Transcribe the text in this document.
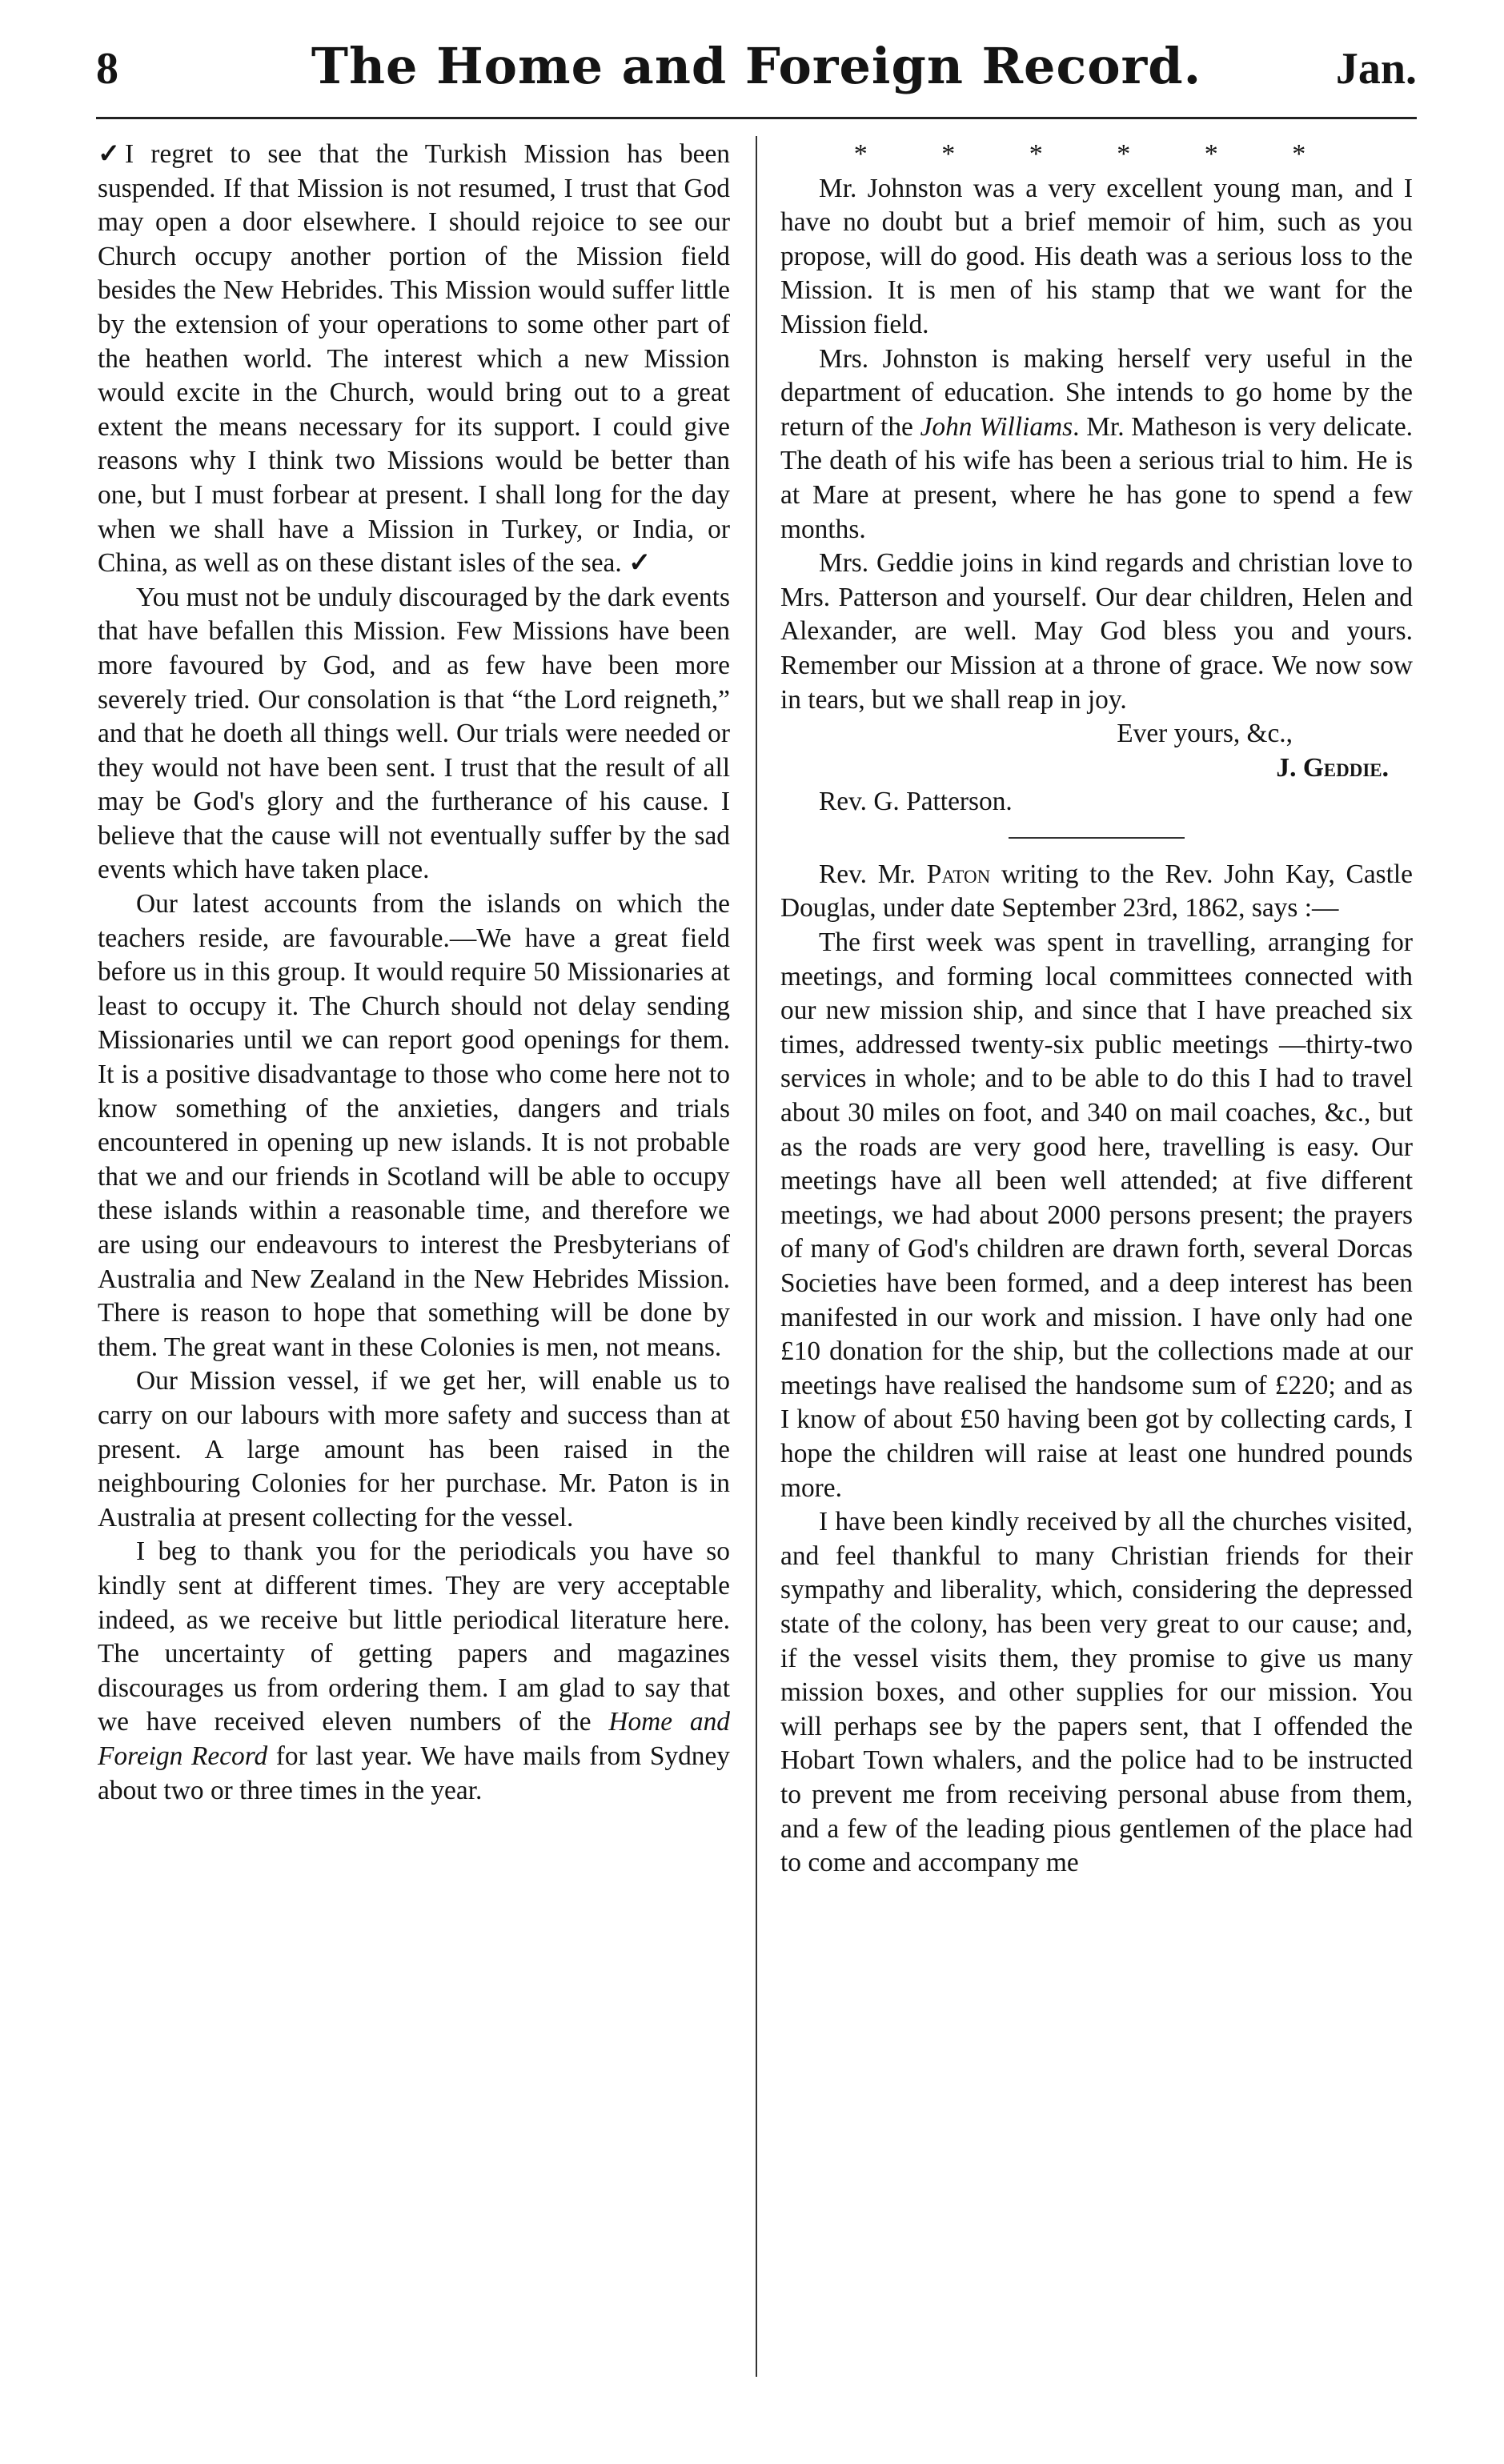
8	The Home and Foreign Record.	Jan.

✓ I regret to see that the Turkish Mission has been suspended. If that Mission is not resumed, I trust that God may open a door elsewhere. I should rejoice to see our Church occupy another portion of the Mission field besides the New Hebrides. This Mission would suffer little by the extension of your operations to some other part of the heathen world. The interest which a new Mission would excite in the Church, would bring out to a great extent the means necessary for its support. I could give reasons why I think two Missions would be better than one, but I must forbear at present. I shall long for the day when we shall have a Mission in Turkey, or India, or China, as well as on these distant isles of the sea. ✓

You must not be unduly discouraged by the dark events that have befallen this Mission. Few Missions have been more favoured by God, and as few have been more severely tried. Our consolation is that “the Lord reigneth,” and that he doeth all things well. Our trials were needed or they would not have been sent. I trust that the result of all may be God's glory and the furtherance of his cause. I believe that the cause will not eventually suffer by the sad events which have taken place.

Our latest accounts from the islands on which the teachers reside, are favourable.—We have a great field before us in this group. It would require 50 Missionaries at least to occupy it. The Church should not delay sending Missionaries until we can report good openings for them. It is a positive disadvantage to those who come here not to know something of the anxieties, dangers and trials encountered in opening up new islands. It is not probable that we and our friends in Scotland will be able to occupy these islands within a reasonable time, and therefore we are using our endeavours to interest the Presbyterians of Australia and New Zealand in the New Hebrides Mission. There is reason to hope that something will be done by them. The great want in these Colonies is men, not means.

Our Mission vessel, if we get her, will enable us to carry on our labours with more safety and success than at present. A large amount has been raised in the neighbouring Colonies for her purchase. Mr. Paton is in Australia at present collecting for the vessel.

I beg to thank you for the periodicals you have so kindly sent at different times. They are very acceptable indeed, as we receive but little periodical literature here. The uncertainty of getting papers and magazines discourages us from ordering them. I am glad to say that we have received eleven numbers of the Home and Foreign Record for last year. We have mails from Sydney about two or three times in the year.

* * * * * *

Mr. Johnston was a very excellent young man, and I have no doubt but a brief memoir of him, such as you propose, will do good. His death was a serious loss to the Mission. It is men of his stamp that we want for the Mission field.

Mrs. Johnston is making herself very useful in the department of education. She intends to go home by the return of the John Williams. Mr. Matheson is very delicate. The death of his wife has been a serious trial to him. He is at Mare at present, where he has gone to spend a few months.

Mrs. Geddie joins in kind regards and christian love to Mrs. Patterson and yourself. Our dear children, Helen and Alexander, are well. May God bless you and yours. Remember our Mission at a throne of grace. We now sow in tears, but we shall reap in joy.

Ever yours, &c.,

J. Geddie.

Rev. G. Patterson.

Rev. Mr. Paton writing to the Rev. John Kay, Castle Douglas, under date September 23rd, 1862, says :—

The first week was spent in travelling, arranging for meetings, and forming local committees connected with our new mission ship, and since that I have preached six times, addressed twenty-six public meetings —thirty-two services in whole; and to be able to do this I had to travel about 30 miles on foot, and 340 on mail coaches, &c., but as the roads are very good here, travelling is easy. Our meetings have all been well attended; at five different meetings, we had about 2000 persons present; the prayers of many of God's children are drawn forth, several Dorcas Societies have been formed, and a deep interest has been manifested in our work and mission. I have only had one £10 donation for the ship, but the collections made at our meetings have realised the handsome sum of £220; and as I know of about £50 having been got by collecting cards, I hope the children will raise at least one hundred pounds more.

I have been kindly received by all the churches visited, and feel thankful to many Christian friends for their sympathy and liberality, which, considering the depressed state of the colony, has been very great to our cause; and, if the vessel visits them, they promise to give us many mission boxes, and other supplies for our mission. You will perhaps see by the papers sent, that I offended the Hobart Town whalers, and the police had to be instructed to prevent me from receiving personal abuse from them, and a few of the leading pious gentlemen of the place had to come and accompany me
